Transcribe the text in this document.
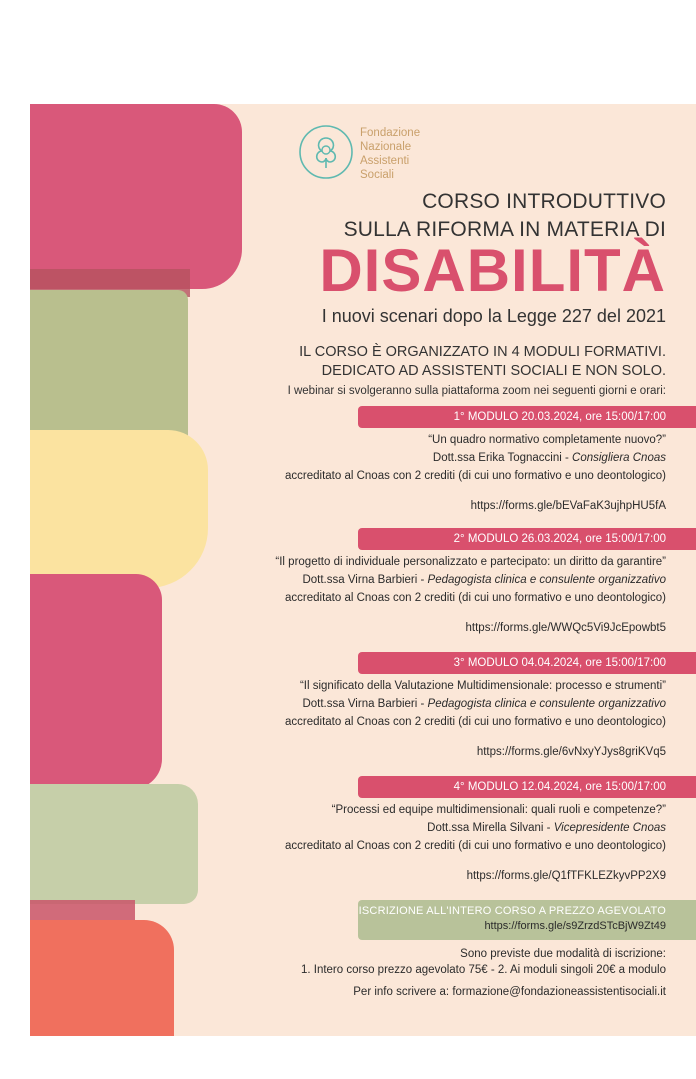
Fondazione
Nazionale
Assistenti
Sociali
CORSO INTRODUTTIVO
SULLA RIFORMA IN MATERIA DI
DISABILITÀ
I nuovi scenari dopo la Legge 227 del 2021
IL CORSO È ORGANIZZATO IN 4 MODULI FORMATIVI.
DEDICATO AD ASSISTENTI SOCIALI E NON SOLO.
I webinar si svolgeranno sulla piattaforma zoom nei seguenti giorni e orari:
1° MODULO 20.03.2024, ore 15:00/17:00
“Un quadro normativo completamente nuovo?”
Dott.ssa Erika Tognaccini - Consigliera Cnoas
accreditato al Cnoas con 2 crediti (di cui uno formativo e uno deontologico)
https://forms.gle/bEVaFaK3ujhpHU5fA
2° MODULO 26.03.2024, ore 15:00/17:00
“Il progetto di individuale personalizzato e partecipato: un diritto da garantire”
Dott.ssa Virna Barbieri - Pedagogista clinica e consulente organizzativo
accreditato al Cnoas con 2 crediti (di cui uno formativo e uno deontologico)
https://forms.gle/WWQc5Vi9JcEpowbt5
3° MODULO 04.04.2024, ore 15:00/17:00
“Il significato della Valutazione Multidimensionale: processo e strumenti”
Dott.ssa Virna Barbieri - Pedagogista clinica e consulente organizzativo
accreditato al Cnoas con 2 crediti (di cui uno formativo e uno deontologico)
https://forms.gle/6vNxyYJys8griKVq5
4° MODULO 12.04.2024, ore 15:00/17:00
“Processi ed equipe multidimensionali: quali ruoli e competenze?”
Dott.ssa Mirella Silvani - Vicepresidente Cnoas
accreditato al Cnoas con 2 crediti (di cui uno formativo e uno deontologico)
https://forms.gle/Q1fTFKLEZkyvPP2X9
ISCRIZIONE ALL'INTERO CORSO A PREZZO AGEVOLATO
https://forms.gle/s9ZrzdSTcBjW9Zt49
Sono previste due modalità di iscrizione:
1. Intero corso prezzo agevolato 75€ - 2. Ai moduli singoli 20€ a modulo
Per info scrivere a: formazione@fondazioneassistentisociali.it
